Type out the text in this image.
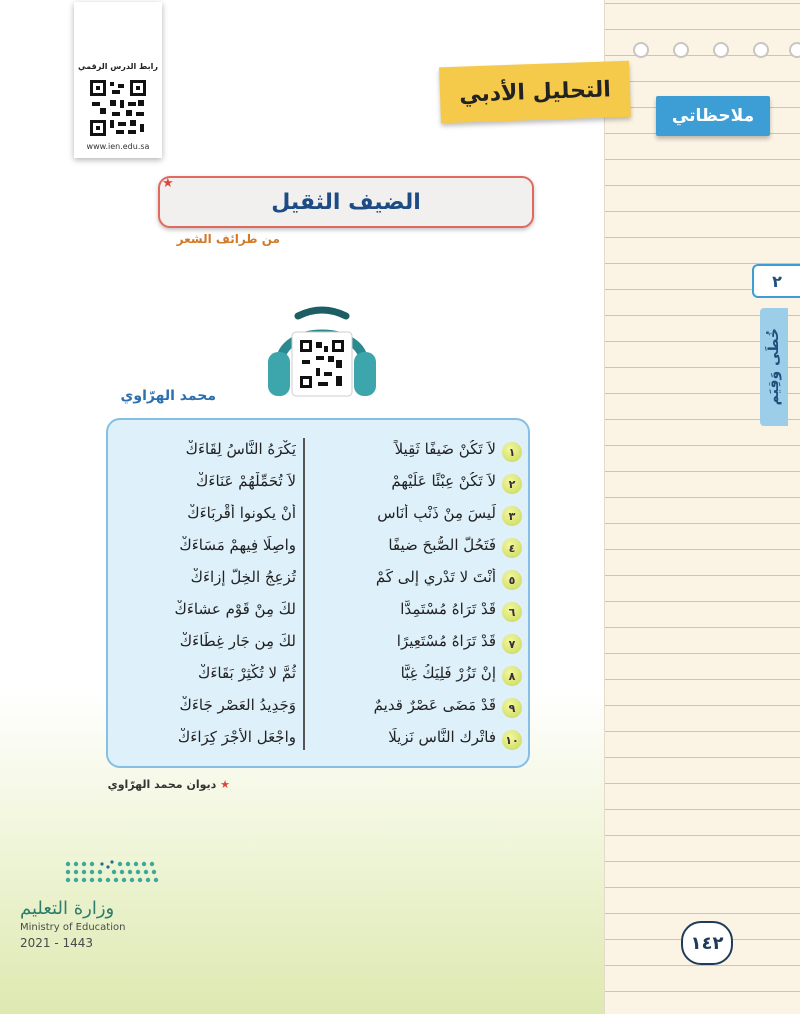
ملاحظاتي
٢
خُطَى وَقِيَم
١٤٢
رابط الدرس الرقمي
www.ien.edu.sa
التحليل الأدبي
الضيف الثقيل
★
من طرائف الشعر
محمد الهرّاوي
١
لاَ تَكُنْ ضَيفًا ثَقِيلاً
يَكْرَهُ النَّاسُ لِقَاءَكْ
٢
لاَ تَكُنْ عِبْئًا عَلَيْهِمْ
لاَ تُحَمِّلْهُمْ عَنَاءَكْ
٣
لَيسَ مِنْ ذَنْبِ أُنَاسٍ
أَنْ يكونوا أَقْرِبَاءَكْ
٤
فَتَحُلَّ الصُّبحَ ضيفًا
واصِلًا فِيهِمْ مَسَاءَكْ
٥
أنْتَ لا تَدْري إلى كَمْ
تُزعِجُ الخِلَّ إزاءَكْ
٦
قَدْ تَرَاهُ مُسْتَمِدًّا
لكَ مِنْ قَوْمٍ عشاءَكْ
٧
قَدْ تَرَاهُ مُسْتَعِيرًا
لكَ مِن جَارٍ غِطَاءَكْ
٨
إنْ تَزُرْ فَلِيَكُ غِبًّا
ثُمَّ لا تُكْثِرْ بَقَاءَكْ
٩
قَدْ مَضَى عَصْرٌ قديمٌ
وَجَدِيدُ العَصْرِ جَاءَكْ
١٠
فاتْرك النَّاس نَزِيلًا
واجْعَلِ الأجْرَ كِرَاءَكْ
★ ديوان محمد الهرّاوي
وزارة التعليم
Ministry of Education
2021 - 1443
